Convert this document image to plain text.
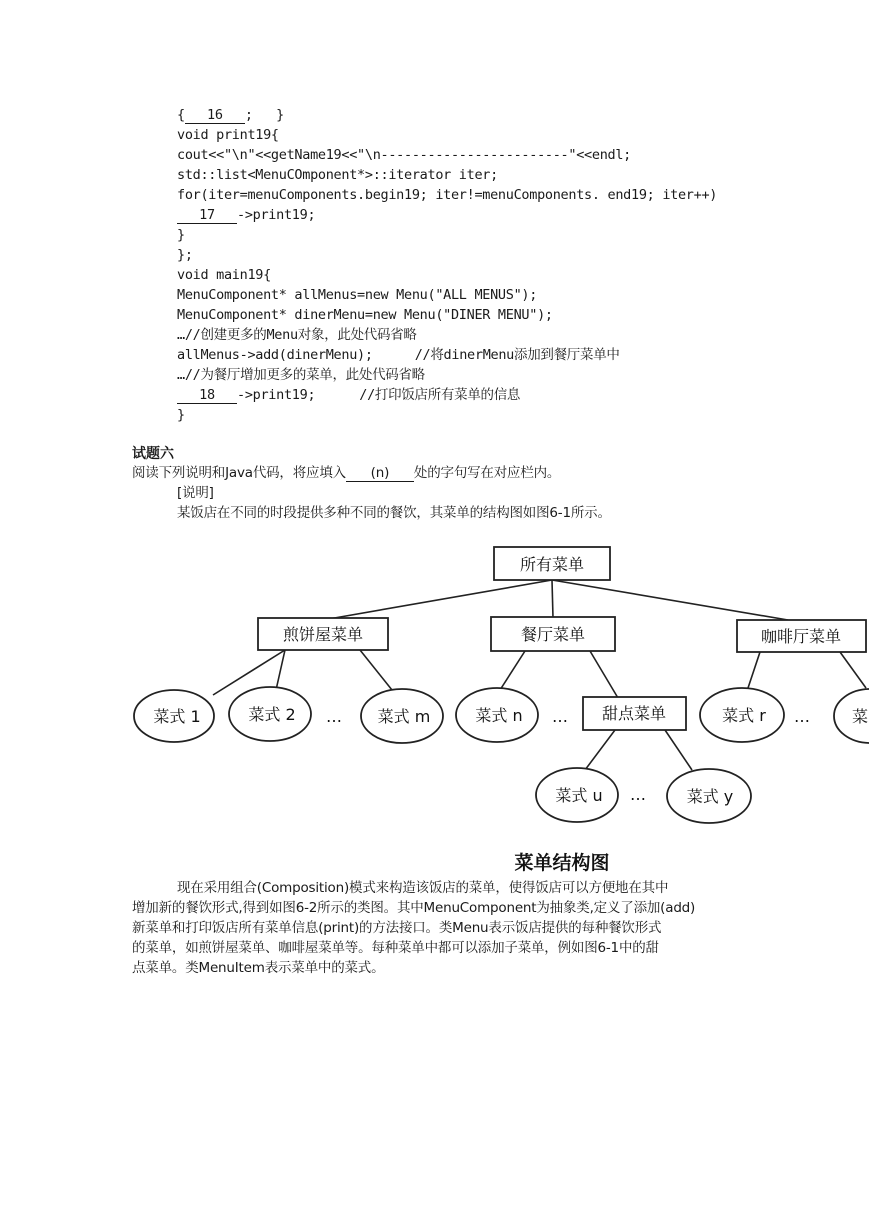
{ 16 ;   }
void print19{
cout<<"\n"<<getName19<<"\n------------------------"<<endl;
std::list<MenuCOmponent*>::iterator iter;
for(iter=menuComponents.begin19; iter!=menuComponents. end19; iter++)
17 ->print19;
}
};
void main19{
MenuComponent* allMenus=new Menu("ALL MENUS");
MenuComponent* dinerMenu=new Menu("DINER MENU");
…//创建更多的Menu对象，此处代码省略
allMenus->add(dinerMenu);	//将dinerMenu添加到餐厅菜单中
…//为餐厅增加更多的菜单，此处代码省略
18 ->print19;	//打印饭店所有菜单的信息
}
试题六
阅读下列说明和Java代码，将应填入 (n) 处的字句写在对应栏内。
[说明]
某饭店在不同的时段提供多种不同的餐饮，其菜单的结构图如图6-1所示。
所有菜单
煎饼屋菜单	餐厅菜单	咖啡厅菜单
甜点菜单
菜式 1	菜式 2	菜式 m	菜式 n	菜式 r	菜
菜式 u	菜式 y
…	…	…
…
菜单结构图
现在采用组合(Composition)模式来构造该饭店的菜单，使得饭店可以方便地在其中
增加新的餐饮形式,得到如图6-2所示的类图。其中MenuComponent为抽象类,定义了添加(add)
新菜单和打印饭店所有菜单信息(print)的方法接口。类Menu表示饭店提供的每种餐饮形式
的菜单，如煎饼屋菜单、咖啡屋菜单等。每种菜单中都可以添加子菜单，例如图6-1中的甜
点菜单。类MenuItem表示菜单中的菜式。
